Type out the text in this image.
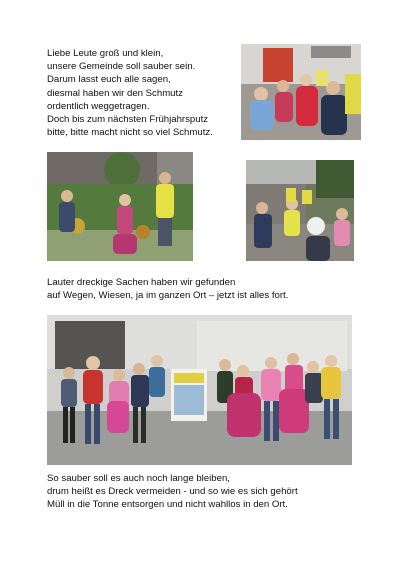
Liebe Leute groß und klein,
unsere Gemeinde soll sauber sein.
Darum lasst euch alle sagen,
diesmal haben wir den Schmutz
ordentlich weggetragen.
Doch bis zum nächsten Frühjahrsputz
bitte, bitte macht nicht so viel Schmutz.
Lauter dreckige Sachen haben wir gefunden
auf Wegen, Wiesen, ja im ganzen Ort – jetzt ist alles fort.
So sauber soll es auch noch lange bleiben,
drum heißt es Dreck vermeiden - und so wie es sich gehört
Müll in die Tonne entsorgen und nicht wahllos in den Ort.
